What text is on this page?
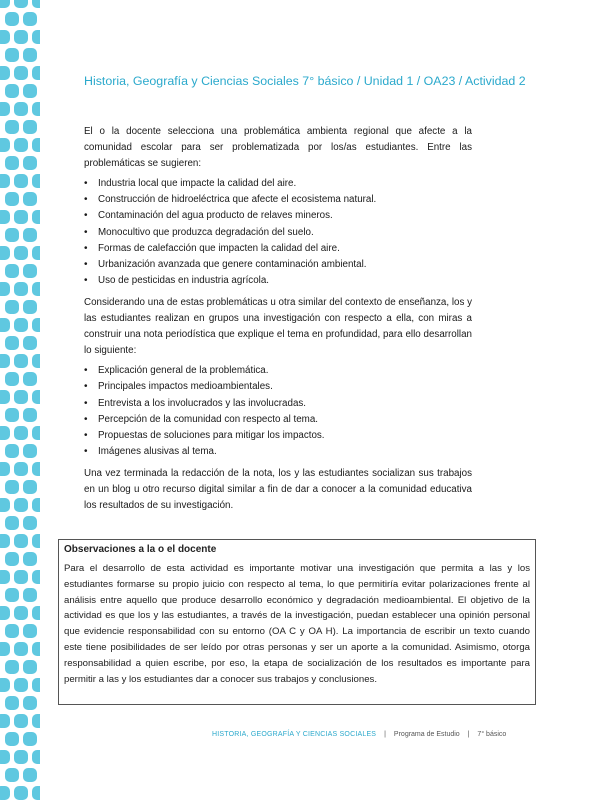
Historia, Geografía y Ciencias Sociales 7° básico / Unidad 1 / OA23 / Actividad 2

El o la docente selecciona una problemática ambienta regional que afecte a la comunidad escolar para ser problematizada por los/as estudiantes. Entre las problemáticas se sugieren:

• Industria local que impacte la calidad del aire.
• Construcción de hidroeléctrica que afecte el ecosistema natural.
• Contaminación del agua producto de relaves mineros.
• Monocultivo que produzca degradación del suelo.
• Formas de calefacción que impacten la calidad del aire.
• Urbanización avanzada que genere contaminación ambiental.
• Uso de pesticidas en industria agrícola.

Considerando una de estas problemáticas u otra similar del contexto de enseñanza, los y las estudiantes realizan en grupos una investigación con respecto a ella, con miras a construir una nota periodística que explique el tema en profundidad, para ello desarrollan lo siguiente:

• Explicación general de la problemática.
• Principales impactos medioambientales.
• Entrevista a los involucrados y las involucradas.
• Percepción de la comunidad con respecto al tema.
• Propuestas de soluciones para mitigar los impactos.
• Imágenes alusivas al tema.

Una vez terminada la redacción de la nota, los y las estudiantes socializan sus trabajos en un blog u otro recurso digital similar a fin de dar a conocer a la comunidad educativa los resultados de su investigación.

Observaciones a la o el docente

Para el desarrollo de esta actividad es importante motivar una investigación que permita a las y los estudiantes formarse su propio juicio con respecto al tema, lo que permitiría evitar polarizaciones frente al análisis entre aquello que produce desarrollo económico y degradación medioambiental. El objetivo de la actividad es que los y las estudiantes, a través de la investigación, puedan establecer una opinión personal que evidencie responsabilidad con su entorno (OA C y OA H). La importancia de escribir un texto cuando este tiene posibilidades de ser leído por otras personas y ser un aporte a la comunidad. Asimismo, otorga responsabilidad a quien escribe, por eso, la etapa de socialización de los resultados es importante para permitir a las y los estudiantes dar a conocer sus trabajos y conclusiones.

HISTORIA, GEOGRAFÍA Y CIENCIAS SOCIALES | Programa de Estudio | 7° básico
